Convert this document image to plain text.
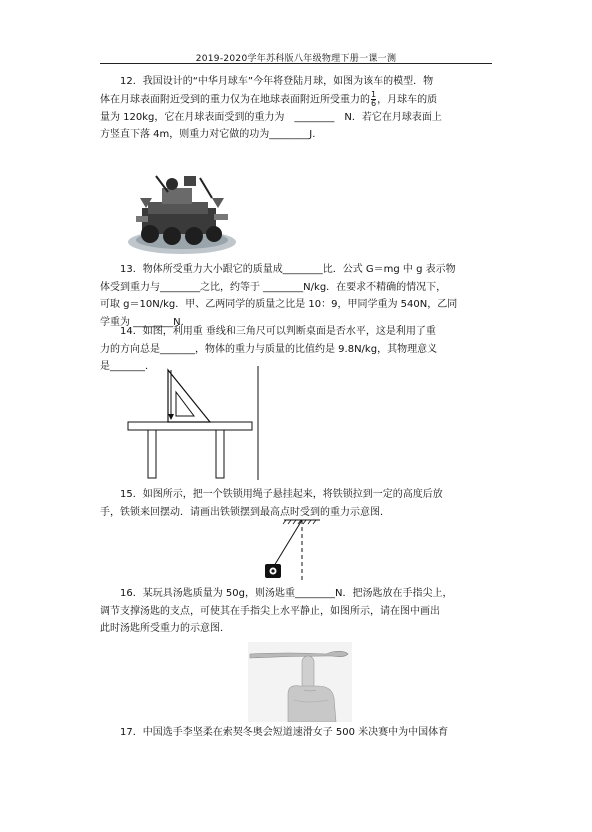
2019-2020学年苏科版八年级物理下册一课一测
12．我国设计的“中华月球车”今年将登陆月球，如图为该车的模型．物
体在月球表面附近受到的重力仅为在地球表面附近所受重力的 $\frac{1}{6}$ ，月球车的质
量为 120kg，它在月球表面受到的重力为　________　N．若它在月球表面上
方竖直下落 4m，则重力对它做的功为________J．
13．物体所受重力大小跟它的质量成________比．公式 G＝mg 中 g 表示物
体受到重力与________之比，约等于 ________N/kg．在要求不精确的情况下，
可取 g＝10N/kg．甲、乙两同学的质量之比是 10：9，甲同学重为 540N，乙同
学重为 ________N．
14．如图，利用重 垂线和三角尺可以判断桌面是否水平，这是利用了重
力的方向总是_______，物体的重力与质量的比值约是 9.8N/kg，其物理意义
是_______．
15．如图所示，把一个铁锁用绳子悬挂起来，将铁锁拉到一定的高度后放
手，铁锁来回摆动．请画出铁锁摆到最高点时受到的重力示意图．
16．某玩具汤匙质量为 50g，则汤匙重________N．把汤匙放在手指尖上，
调节支撑汤匙的支点，可使其在手指尖上水平静止，如图所示，请在图中画出
此时汤匙所受重力的示意图．
17．中国选手李坚柔在索契冬奥会短道速滑女子 500 米决赛中为中国体育
